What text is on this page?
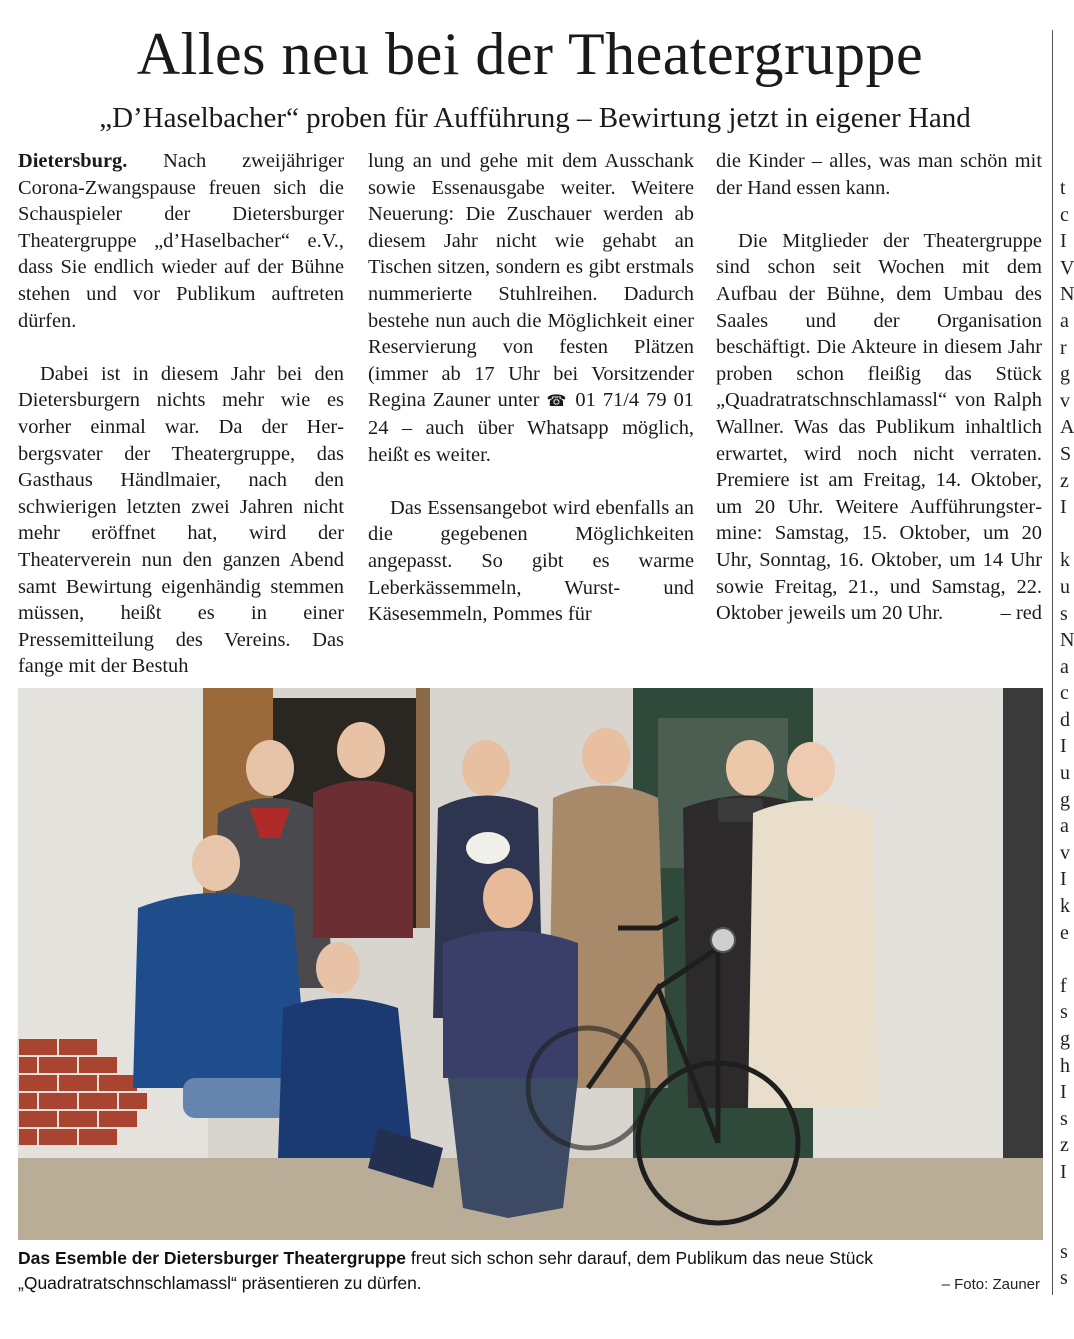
Alles neu bei der Theatergruppe
„D’Haselbacher“ proben für Aufführung – Bewirtung jetzt in eigener Hand

Dietersburg. Nach zweijähriger Corona-Zwangspause freuen sich die Schauspieler der Dietersburger Theatergruppe „d’Haselbacher“ e.V., dass Sie endlich wieder auf der Bühne stehen und vor Publikum auftreten dürfen.

Dabei ist in diesem Jahr bei den Dietersburgern nichts mehr wie es vorher einmal war. Da der Herbergsvater der Theatergruppe, das Gasthaus Händlmaier, nach den schwierigen letzten zwei Jahren nicht mehr eröffnet hat, wird der Theaterverein nun den ganzen Abend samt Bewirtung eigenhändig stemmen müssen, heißt es in einer Pressemitteilung des Vereins. Das fange mit der Bestuh

lung an und gehe mit dem Ausschank sowie Essenausgabe weiter. Weitere Neuerung: Die Zuschauer werden ab diesem Jahr nicht wie gehabt an Tischen sitzen, sondern es gibt erstmals nummerierte Stuhlreihen. Dadurch bestehe nun auch die Möglichkeit einer Reservierung von festen Plätzen (immer ab 17 Uhr bei Vorsitzender Regina Zauner unter ☎ 01 71/4 79 01 24 – auch über Whatsapp möglich, heißt es weiter.

Das Essensangebot wird ebenfalls an die gegebenen Möglichkeiten angepasst. So gibt es warme Leberkässemmeln, Wurst- und Käsesemmeln, Pommes für

die Kinder – alles, was man schön mit der Hand essen kann.

Die Mitglieder der Theatergruppe sind schon seit Wochen mit dem Aufbau der Bühne, dem Umbau des Saales und der Organisation beschäftigt. Die Akteure in diesem Jahr proben schon fleißig das Stück „Quadratratschnschlamassl“ von Ralph Wallner. Was das Publikum inhaltlich erwartet, wird noch nicht verraten. Premiere ist am Freitag, 14. Oktober, um 20 Uhr. Weitere Aufführungstermine: Samstag, 15. Oktober, um 20 Uhr, Sonntag, 16. Oktober, um 14 Uhr sowie Freitag, 21., und Samstag, 22. Oktober jeweils um 20 Uhr.	– red
t
c
I
V
N
a
r
g
v
A
S
z
I

k
u
s
N
a
c
d
I
u
g
a
v
I
k
e

f
s
g
h
I
s
z
I

s
s
Das Esemble der Dietersburger Theatergruppe freut sich schon sehr darauf, dem Publikum das neue Stück „Quadratratschnschlamassl“ präsentieren zu dürfen.	– Foto: Zauner
